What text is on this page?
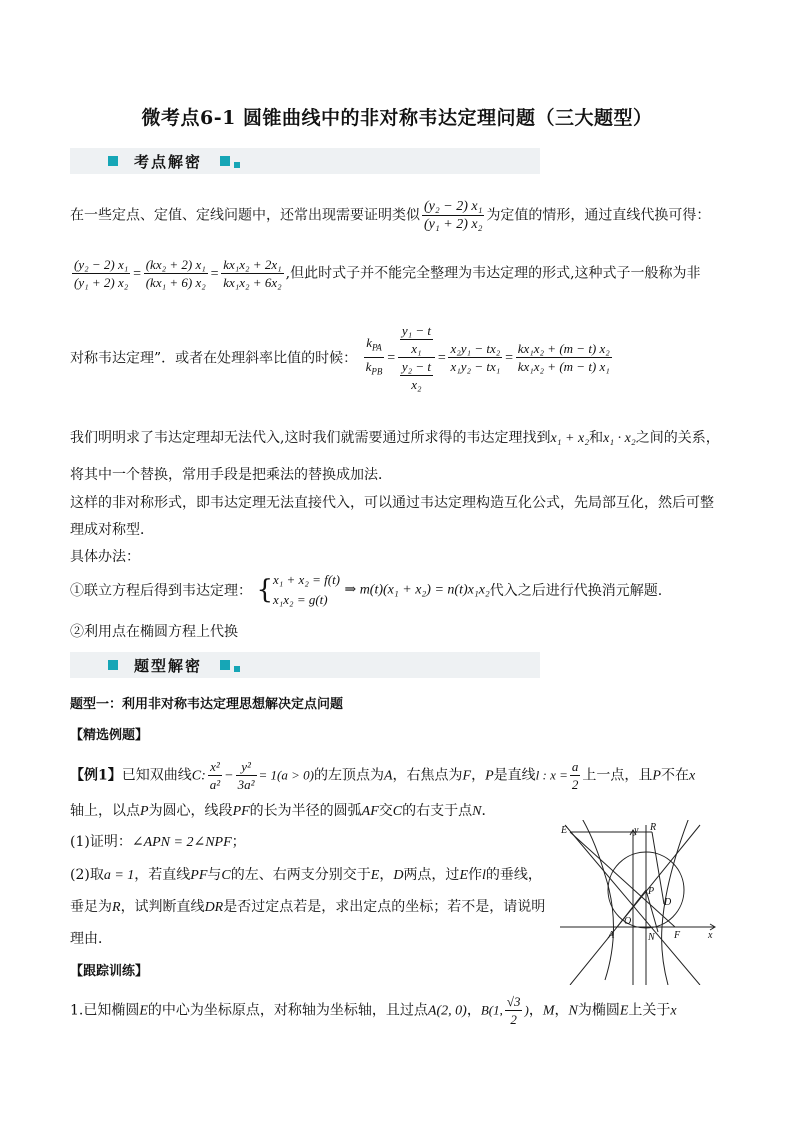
微考点6-1 圆锥曲线中的非对称韦达定理问题（三大题型）
考点解密
在一些定点、定值、定线问题中，还常出现需要证明类似 $\frac{\text{(y₂ − 2) x₁}}{\text{(y₁ + 2) x₂}}$ 为定值的情形，通过直线代换可得：
$\frac{\text{(y₂ − 2) x₁}}{\text{(y₁ + 2) x₂}} = \frac{\text{(kx₂ + 2) x₁}}{\text{(kx₁ + 6) x₂}} = \frac{\text{kx₁x₂ + 2x₁}}{\text{kx₁x₂ + 6x₂}}$ ,但此时式子并不能完全整理为韦达定理的形式,这种式子一般称为非
对称韦达定理”．或者在处理斜率比值的时候： $\frac{k_{PA}}{k_{PB}} = \frac{\frac{\text{y₁ − t}}{\text{x₁}}}{\frac{\text{y₂ − t}}{\text{x₂}}} = \frac{\text{x₂y₁ − tx₂}}{\text{x₁y₂ − tx₁}} = \frac{\text{kx₁x₂ + (m − t) x₂}}{\text{kx₁x₂ + (m − t) x₁}}$
我们明明求了韦达定理却无法代入,这时我们就需要通过所求得的韦达定理找到x₁ + x₂和x₁ · x₂之间的关系，
将其中一个替换，常用手段是把乘法的替换成加法．
这样的非对称形式，即韦达定理无法直接代入，可以通过韦达定理构造互化公式，先局部互化，然后可整
理成对称型．
具体办法：
①联立方程后得到韦达定理： { x₁ + x₂ = f(t)
x₁x₂ = g(t)
⇒ m(t)(x₁ + x₂) = n(t)x₁x₂代入之后进行代换消元解题.
②利用点在椭圆方程上代换
题型解密
题型一：利用非对称韦达定理思想解决定点问题
【精选例题】
【例1】已知双曲线C: $\frac{\text{x²}}{\text{a²}} - \frac{\text{y²}}{\text{3a²}} = 1(a > 0)$的左顶点为A，右焦点为F，P是直线l : $x = \frac{a}{2}$ 上一点，且P不在x
轴上，以点P为圆心，线段PF的长为半径的圆弧AF交C的右支于点N．
(1)证明：∠APN = 2∠NPF；
(2)取a = 1，若直线PF与C的左、右两支分别交于E，D两点，过E作l的垂线，
垂足为R，试判断直线DR是否过定点若是，求出定点的坐标；若不是，请说明
理由．
【跟踪训练】
1.已知椭圆E的中心为坐标原点，对称轴为坐标轴，且过点A(2, 0)，B(1, $\frac{√3}{2}$ )，M，N为椭圆E上关于x
E	R
y
P
D
O
A	N F	x
